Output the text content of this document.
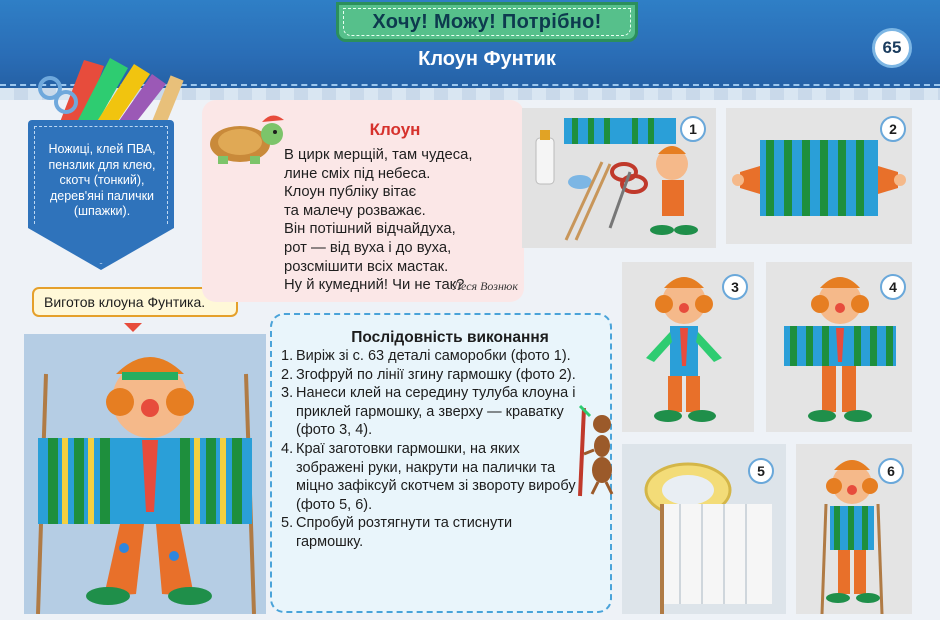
Хочу! Можу! Потрібно!
Клоун Фунтик
65
Ножиці, клей ПВА, пензлик для клею, скотч (тонкий), дерев'яні палички (шпажки).
Виготов клоуна Фунтика.
Клоун
В цирк мерщій, там чудеса,
лине сміх під небеса.
Клоун публіку вітає
та малечу розважає.
Він потішний відчайдуха,
рот — від вуха і до вуха,
розсмішити всіх мастак.
Ну й кумедний! Чи не так?
Леся Вознюк
Послідовність виконання
1. Виріж зі с. 63 деталі саморобки (фото 1).
2. Згофруй по лінії згину гармошку (фото 2).
3. Нанеси клей на середину тулуба клоуна і приклей гармошку, а зверху — краватку (фото 3, 4).
4. Краї заготовки гармошки, на яких зображені руки, накрути на палички та міцно зафіксуй скотчем зі звороту виробу (фото 5, 6).
5. Спробуй розтягнути та стиснути гармошку.
1	2
3	4
5	6
